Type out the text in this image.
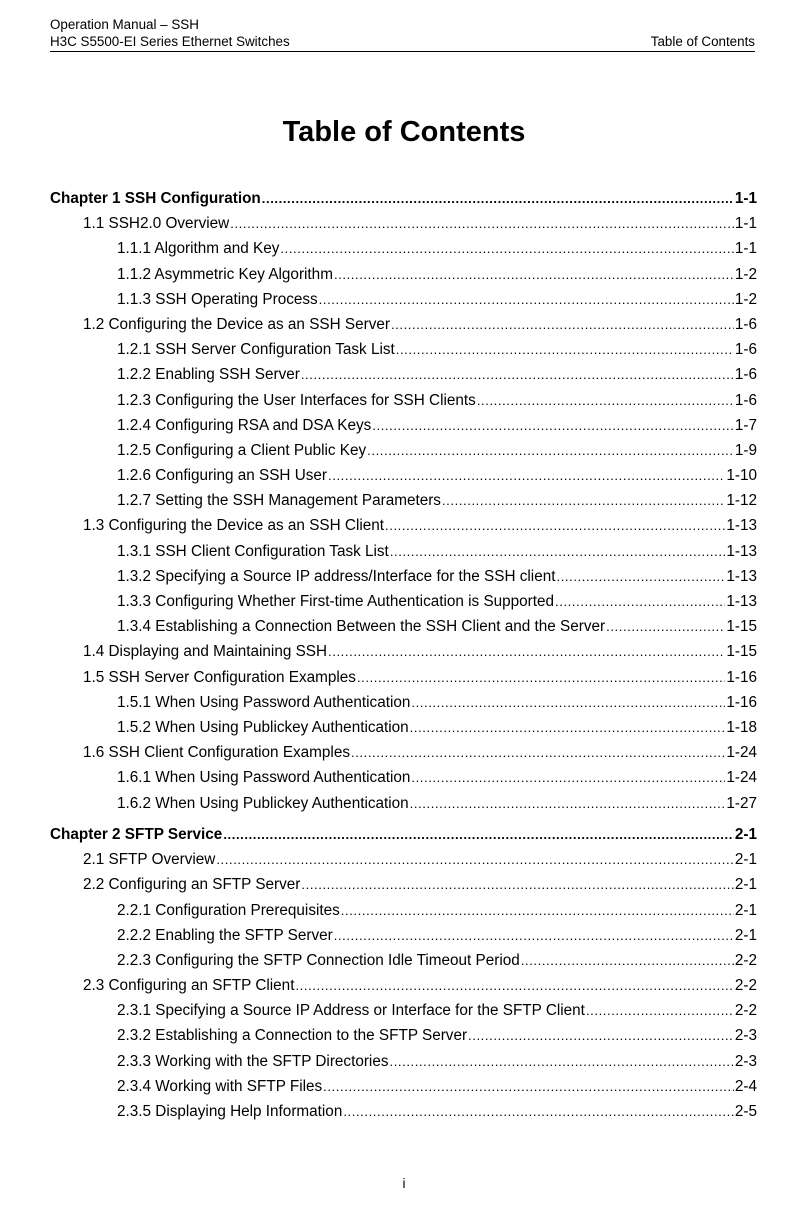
Operation Manual – SSH
H3C S5500-EI Series Ethernet Switches	Table of Contents
Table of Contents
Chapter 1 SSH Configuration .....	1-1
1.1 SSH2.0 Overview .....	1-1
1.1.1 Algorithm and Key .....	1-1
1.1.2 Asymmetric Key Algorithm .....	1-2
1.1.3 SSH Operating Process .....	1-2
1.2 Configuring the Device as an SSH Server .....	1-6
1.2.1 SSH Server Configuration Task List .....	1-6
1.2.2 Enabling SSH Server .....	1-6
1.2.3 Configuring the User Interfaces for SSH Clients .....	1-6
1.2.4 Configuring RSA and DSA Keys .....	1-7
1.2.5 Configuring a Client Public Key .....	1-9
1.2.6 Configuring an SSH User .....	1-10
1.2.7 Setting the SSH Management Parameters .....	1-12
1.3 Configuring the Device as an SSH Client .....	1-13
1.3.1 SSH Client Configuration Task List .....	1-13
1.3.2 Specifying a Source IP address/Interface for the SSH client .....	1-13
1.3.3 Configuring Whether First-time Authentication is Supported .....	1-13
1.3.4 Establishing a Connection Between the SSH Client and the Server .....	1-15
1.4 Displaying and Maintaining SSH .....	1-15
1.5 SSH Server Configuration Examples .....	1-16
1.5.1 When Using Password Authentication .....	1-16
1.5.2 When Using Publickey Authentication .....	1-18
1.6 SSH Client Configuration Examples .....	1-24
1.6.1 When Using Password Authentication .....	1-24
1.6.2 When Using Publickey Authentication .....	1-27
Chapter 2 SFTP Service .....	2-1
2.1 SFTP Overview .....	2-1
2.2 Configuring an SFTP Server .....	2-1
2.2.1 Configuration Prerequisites .....	2-1
2.2.2 Enabling the SFTP Server .....	2-1
2.2.3 Configuring the SFTP Connection Idle Timeout Period .....	2-2
2.3 Configuring an SFTP Client .....	2-2
2.3.1 Specifying a Source IP Address or Interface for the SFTP Client .....	2-2
2.3.2 Establishing a Connection to the SFTP Server .....	2-3
2.3.3 Working with the SFTP Directories .....	2-3
2.3.4 Working with SFTP Files .....	2-4
2.3.5 Displaying Help Information .....	2-5
i
